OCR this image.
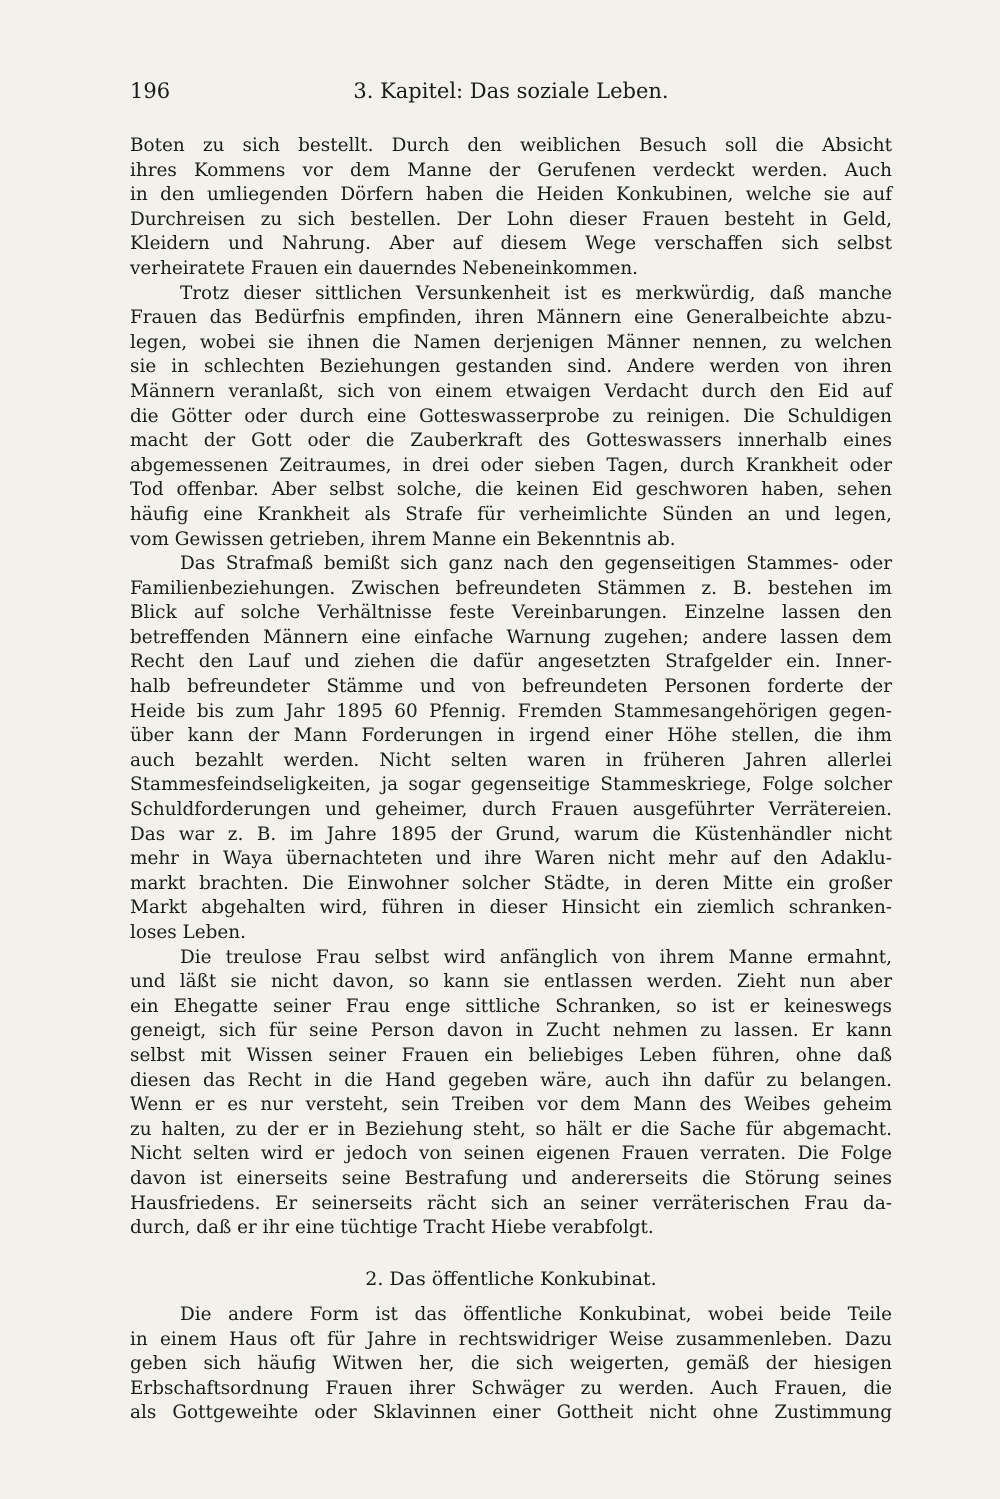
196	3. Kapitel: Das soziale Leben.
Boten zu sich bestellt. Durch den weiblichen Besuch soll die Absicht
ihres Kommens vor dem Manne der Gerufenen verdeckt werden. Auch
in den umliegenden Dörfern haben die Heiden Konkubinen, welche sie auf
Durchreisen zu sich bestellen. Der Lohn dieser Frauen besteht in Geld,
Kleidern und Nahrung. Aber auf diesem Wege verschaffen sich selbst
verheiratete Frauen ein dauerndes Nebeneinkommen.
Trotz dieser sittlichen Versunkenheit ist es merkwürdig, daß manche
Frauen das Bedürfnis empfinden, ihren Männern eine Generalbeichte abzu-
legen, wobei sie ihnen die Namen derjenigen Männer nennen, zu welchen
sie in schlechten Beziehungen gestanden sind. Andere werden von ihren
Männern veranlaßt, sich von einem etwaigen Verdacht durch den Eid auf
die Götter oder durch eine Gotteswasserprobe zu reinigen. Die Schuldigen
macht der Gott oder die Zauberkraft des Gotteswassers innerhalb eines
abgemessenen Zeitraumes, in drei oder sieben Tagen, durch Krankheit oder
Tod offenbar. Aber selbst solche, die keinen Eid geschworen haben, sehen
häufig eine Krankheit als Strafe für verheimlichte Sünden an und legen,
vom Gewissen getrieben, ihrem Manne ein Bekenntnis ab.
Das Strafmaß bemißt sich ganz nach den gegenseitigen Stammes- oder
Familienbeziehungen. Zwischen befreundeten Stämmen z. B. bestehen im
Blick auf solche Verhältnisse feste Vereinbarungen. Einzelne lassen den
betreffenden Männern eine einfache Warnung zugehen; andere lassen dem
Recht den Lauf und ziehen die dafür angesetzten Strafgelder ein. Inner-
halb befreundeter Stämme und von befreundeten Personen forderte der
Heide bis zum Jahr 1895 60 Pfennig. Fremden Stammesangehörigen gegen-
über kann der Mann Forderungen in irgend einer Höhe stellen, die ihm
auch bezahlt werden. Nicht selten waren in früheren Jahren allerlei
Stammesfeindseligkeiten, ja sogar gegenseitige Stammeskriege, Folge solcher
Schuldforderungen und geheimer, durch Frauen ausgeführter Verrätereien.
Das war z. B. im Jahre 1895 der Grund, warum die Küstenhändler nicht
mehr in Waya übernachteten und ihre Waren nicht mehr auf den Adaklu-
markt brachten. Die Einwohner solcher Städte, in deren Mitte ein großer
Markt abgehalten wird, führen in dieser Hinsicht ein ziemlich schranken-
loses Leben.
Die treulose Frau selbst wird anfänglich von ihrem Manne ermahnt,
und läßt sie nicht davon, so kann sie entlassen werden. Zieht nun aber
ein Ehegatte seiner Frau enge sittliche Schranken, so ist er keineswegs
geneigt, sich für seine Person davon in Zucht nehmen zu lassen. Er kann
selbst mit Wissen seiner Frauen ein beliebiges Leben führen, ohne daß
diesen das Recht in die Hand gegeben wäre, auch ihn dafür zu belangen.
Wenn er es nur versteht, sein Treiben vor dem Mann des Weibes geheim
zu halten, zu der er in Beziehung steht, so hält er die Sache für abgemacht.
Nicht selten wird er jedoch von seinen eigenen Frauen verraten. Die Folge
davon ist einerseits seine Bestrafung und andererseits die Störung seines
Hausfriedens. Er seinerseits rächt sich an seiner verräterischen Frau da-
durch, daß er ihr eine tüchtige Tracht Hiebe verabfolgt.
2. Das öffentliche Konkubinat.
Die andere Form ist das öffentliche Konkubinat, wobei beide Teile
in einem Haus oft für Jahre in rechtswidriger Weise zusammenleben. Dazu
geben sich häufig Witwen her, die sich weigerten, gemäß der hiesigen
Erbschaftsordnung Frauen ihrer Schwäger zu werden. Auch Frauen, die
als Gottgeweihte oder Sklavinnen einer Gottheit nicht ohne Zustimmung
